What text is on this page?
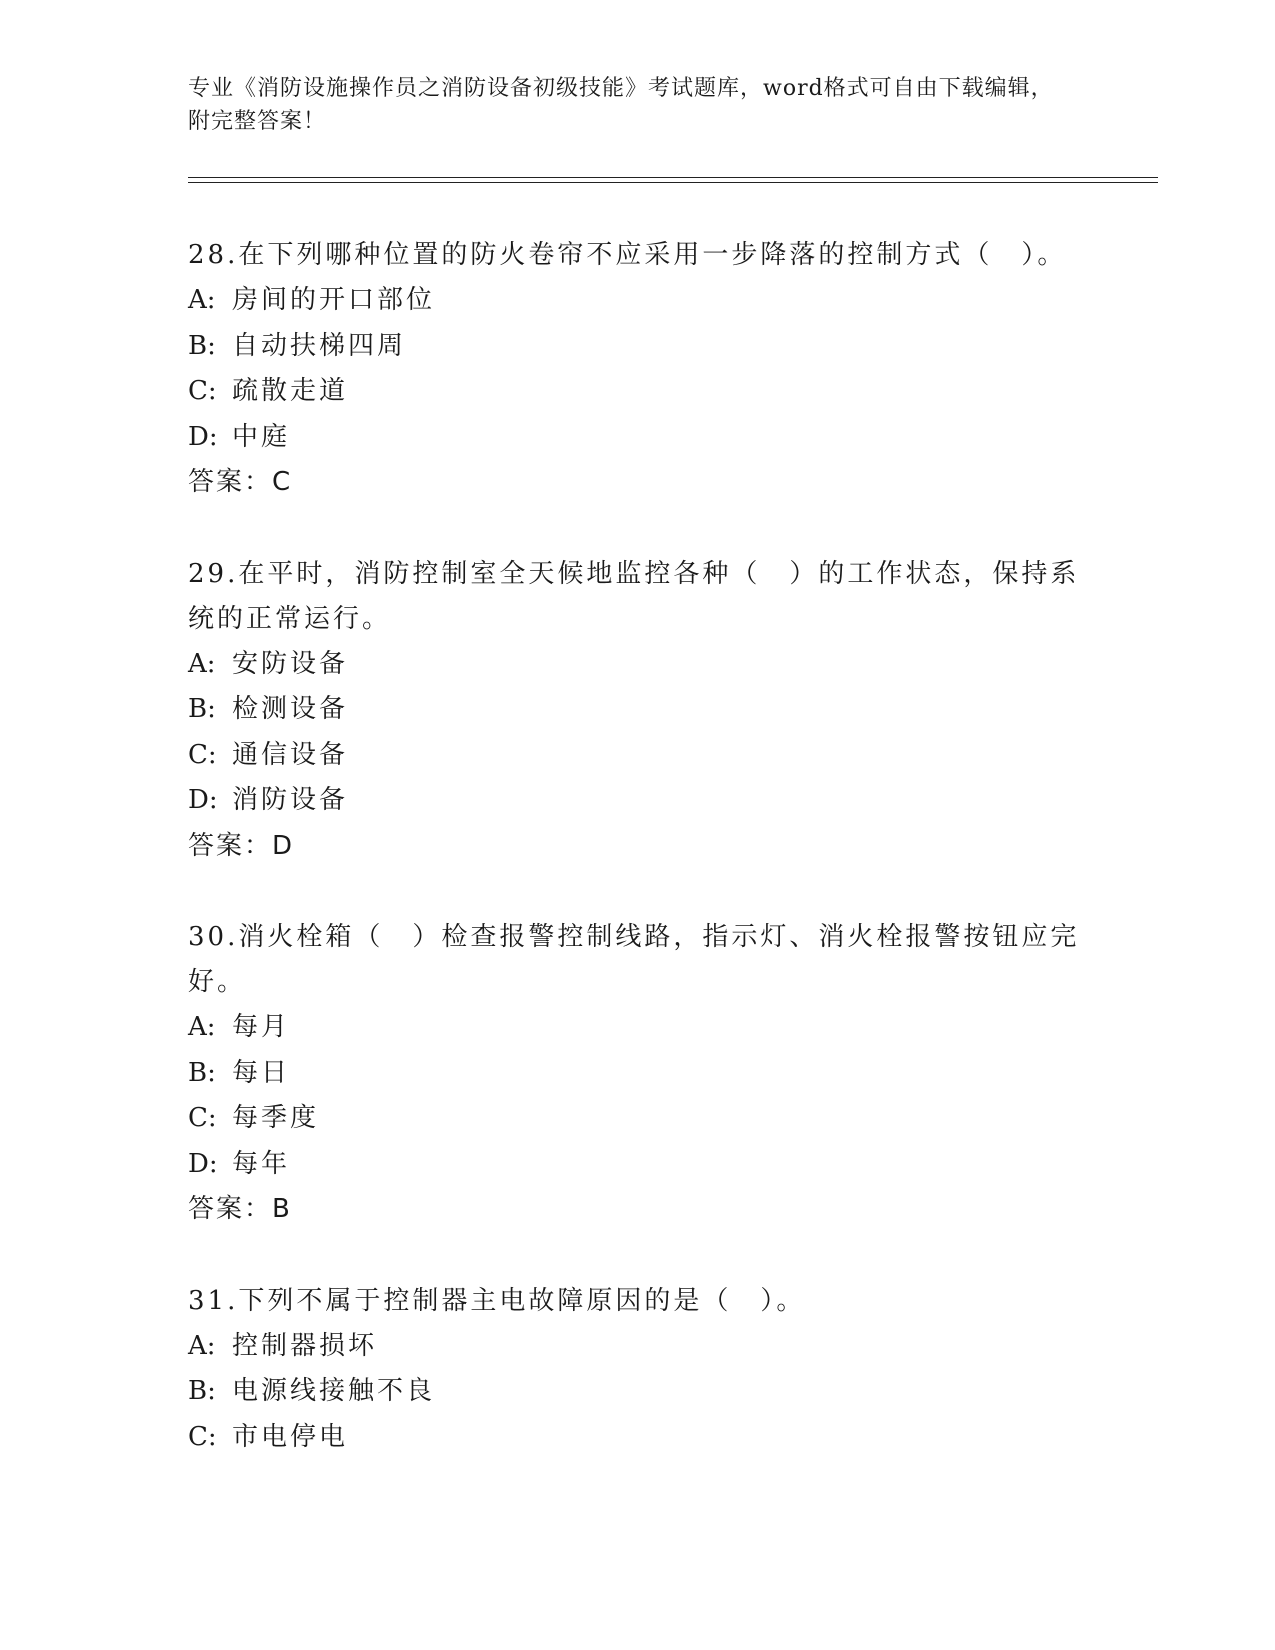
专业《消防设施操作员之消防设备初级技能》考试题库，word格式可自由下载编辑，附完整答案！

28.在下列哪种位置的防火卷帘不应采用一步降落的控制方式（　）。

A: 房间的开口部位

B: 自动扶梯四周

C: 疏散走道

D: 中庭

答案：C

29.在平时，消防控制室全天候地监控各种（　）的工作状态，保持系统的正常运行。

A: 安防设备

B: 检测设备

C: 通信设备

D: 消防设备

答案：D

30.消火栓箱（　）检查报警控制线路，指示灯、消火栓报警按钮应完好。

A: 每月

B: 每日

C: 每季度

D: 每年

答案：B

31.下列不属于控制器主电故障原因的是（　）。

A: 控制器损坏

B: 电源线接触不良

C: 市电停电
